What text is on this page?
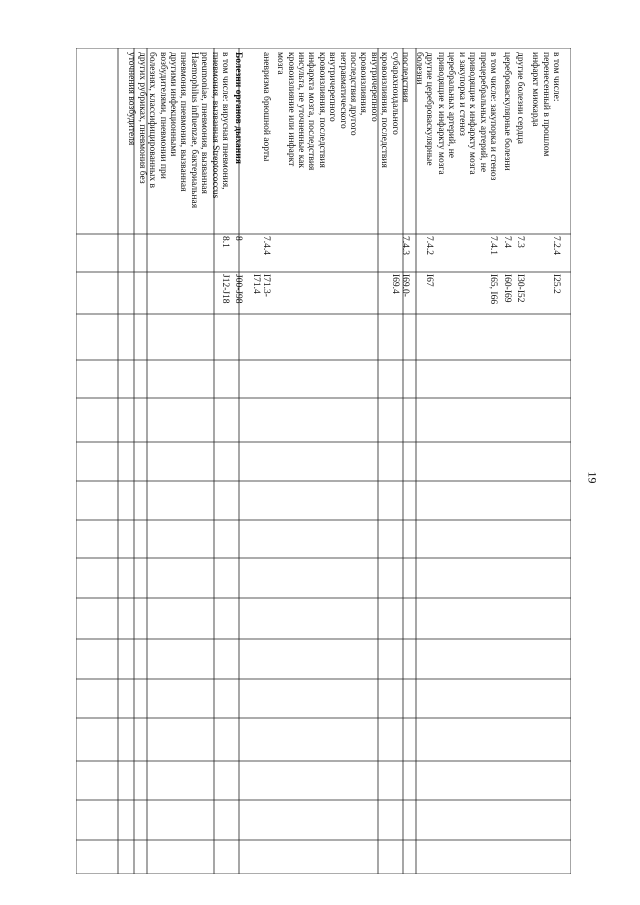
19
в том числе:
перенесенный в прошлом
инфаркт миокарда
7.2.4
I25.2
другие болезни сердца
7.3
I30-I52
цереброваскулярные болезни
7.4
I60-I69
в том числе: закупорка и стеноз
прецеребральных артерий, не
приводящие к инфаркту мозга
и закупорка и стеноз
церебральных артерий, не
приводящие к инфаркту мозга
7.4.1
I65, I66
другие цереброваскулярные
болезни
7.4.2
I67
последствия
субарахноидального
кровоизлияния, последствия
внутричерепного
кровоизлияния,
последствия другого
нетравматического
внутричерепного
кровоизлияния, последствия
инфаркта мозга, последствия
инсульта, не уточненные как
кровоизлияние или инфаркт
мозга
7.4.3
I69.0-
I69.4
аневризма брюшной аорты
7.4.4
I71.3-
I71.4
Болезни органов дыхания
8
J00-J98
в том числе: вирусная пневмония,
пневмония, вызванная Streptococcus
pneumoniae, пневмония, вызванная
Haemophilus influenzae, бактериальная
пневмония, пневмония, вызванная
другими инфекционными
возбудителями, пневмонии при
болезнях, классифицированных в
других рубриках, пневмония без
уточнения возбудителя
8.1
J12-J18
